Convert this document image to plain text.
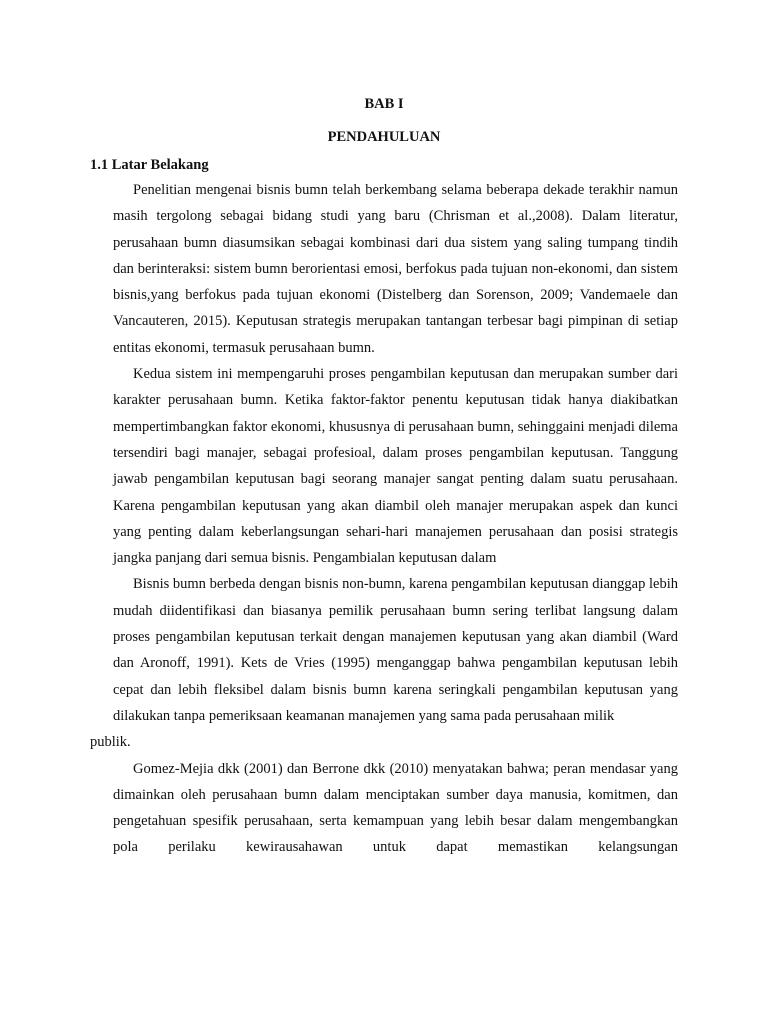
BAB I

PENDAHULUAN

1.1 Latar Belakang

Penelitian mengenai bisnis bumn telah berkembang selama beberapa dekade terakhir namun masih tergolong sebagai bidang studi yang baru (Chrisman et al.,2008). Dalam literatur, perusahaan bumn diasumsikan sebagai kombinasi dari dua sistem yang saling tumpang tindih dan berinteraksi: sistem bumn berorientasi emosi, berfokus pada tujuan non-ekonomi, dan sistem bisnis,yang berfokus pada tujuan ekonomi (Distelberg dan Sorenson, 2009; Vandemaele dan Vancauteren, 2015). Keputusan strategis merupakan tantangan terbesar bagi pimpinan di setiap entitas ekonomi, termasuk perusahaan bumn.

Kedua sistem ini mempengaruhi proses pengambilan keputusan dan merupakan sumber dari karakter perusahaan bumn. Ketika faktor-faktor penentu keputusan tidak hanya diakibatkan mempertimbangkan faktor ekonomi, khususnya di perusahaan bumn, sehinggaini menjadi dilema tersendiri bagi manajer, sebagai profesioal, dalam proses pengambilan keputusan. Tanggung jawab pengambilan keputusan bagi seorang manajer sangat penting dalam suatu perusahaan. Karena pengambilan keputusan yang akan diambil oleh manajer merupakan aspek dan kunci yang penting dalam keberlangsungan sehari-hari manajemen perusahaan dan posisi strategis jangka panjang dari semua bisnis. Pengambialan keputusan dalam

Bisnis bumn berbeda dengan bisnis non-bumn, karena pengambilan keputusan dianggap lebih mudah diidentifikasi dan biasanya pemilik perusahaan bumn sering terlibat langsung dalam proses pengambilan keputusan terkait dengan manajemen keputusan yang akan diambil (Ward dan Aronoff, 1991). Kets de Vries (1995) menganggap bahwa pengambilan keputusan lebih cepat dan lebih fleksibel dalam bisnis bumn karena seringkali pengambilan keputusan yang dilakukan tanpa pemeriksaan keamanan manajemen yang sama pada perusahaan milik

publik.

Gomez-Mejia dkk (2001) dan Berrone dkk (2010) menyatakan bahwa; peran mendasar yang dimainkan oleh perusahaan bumn dalam menciptakan sumber daya manusia, komitmen, dan pengetahuan spesifik perusahaan, serta kemampuan yang lebih besar dalam mengembangkan pola perilaku kewirausahawan untuk dapat memastikan kelangsungan
